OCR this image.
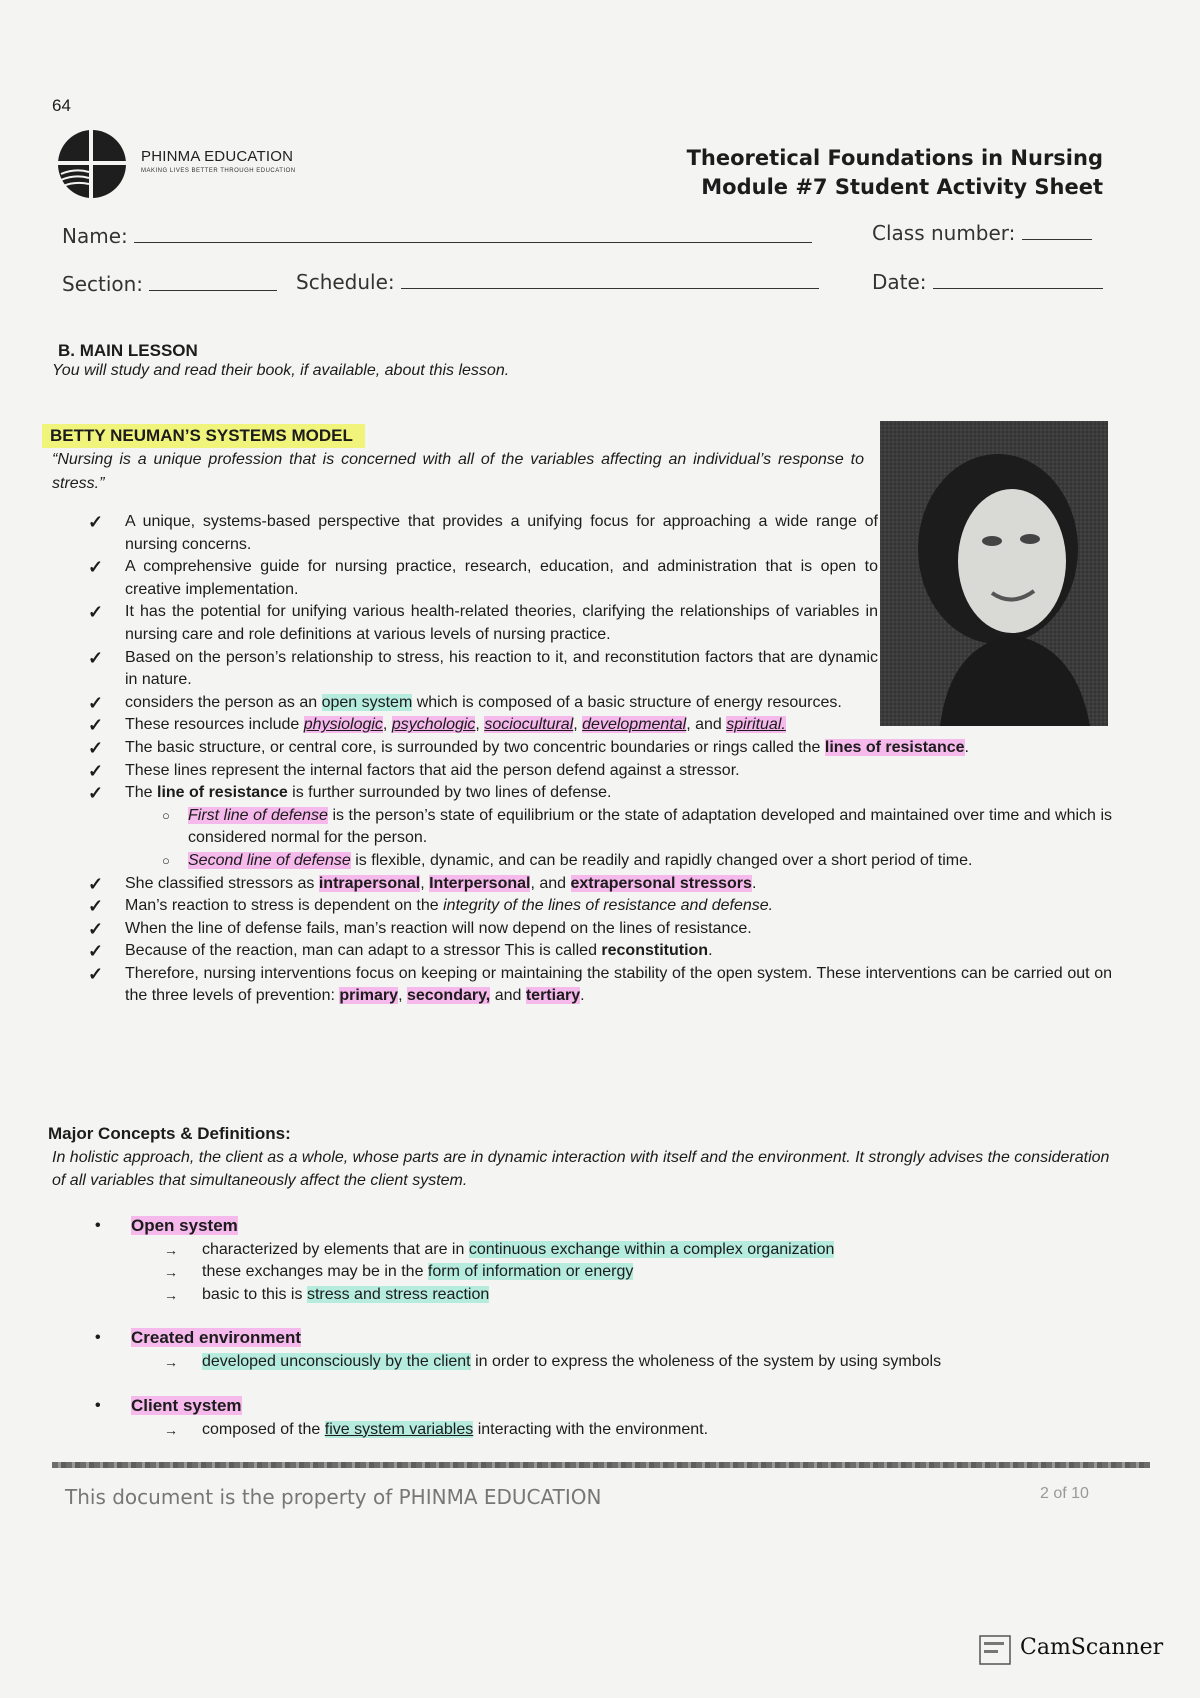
64
PHINMA EDUCATION
MAKING LIVES BETTER THROUGH EDUCATION
Theoretical Foundations in Nursing
Module #7 Student Activity Sheet
Name:	Class number:
Section:	Schedule:	Date:
B. MAIN LESSON
You will study and read their book, if available, about this lesson.
BETTY NEUMAN’S SYSTEMS MODEL
“Nursing is a unique profession that is concerned with all of the variables affecting an individual’s response to stress.”
✓ A unique, systems-based perspective that provides a unifying focus for approaching a wide range of nursing concerns.
✓ A comprehensive guide for nursing practice, research, education, and administration that is open to creative implementation.
✓ It has the potential for unifying various health-related theories, clarifying the relationships of variables in nursing care and role definitions at various levels of nursing practice.
✓ Based on the person’s relationship to stress, his reaction to it, and reconstitution factors that are dynamic in nature.
✓ considers the person as an open system which is composed of a basic structure of energy resources.
✓ These resources include physiologic, psychologic, sociocultural, developmental, and spiritual.
✓ The basic structure, or central core, is surrounded by two concentric boundaries or rings called the lines of resistance.
✓ These lines represent the internal factors that aid the person defend against a stressor.
✓ The line of resistance is further surrounded by two lines of defense.
○ First line of defense is the person’s state of equilibrium or the state of adaptation developed and maintained over time and which is considered normal for the person.
○ Second line of defense is flexible, dynamic, and can be readily and rapidly changed over a short period of time.
✓ She classified stressors as intrapersonal, Interpersonal, and extrapersonal stressors.
✓ Man’s reaction to stress is dependent on the integrity of the lines of resistance and defense.
✓ When the line of defense fails, man’s reaction will now depend on the lines of resistance.
✓ Because of the reaction, man can adapt to a stressor This is called reconstitution.
✓ Therefore, nursing interventions focus on keeping or maintaining the stability of the open system. These interventions can be carried out on the three levels of prevention: primary, secondary, and tertiary.
Major Concepts & Definitions:
In holistic approach, the client as a whole, whose parts are in dynamic interaction with itself and the environment. It strongly advises the consideration of all variables that simultaneously affect the client system.
• Open system
→ characterized by elements that are in continuous exchange within a complex organization
→ these exchanges may be in the form of information or energy
→ basic to this is stress and stress reaction
• Created environment
→ developed unconsciously by the client in order to express the wholeness of the system by using symbols
• Client system
→ composed of the five system variables interacting with the environment.
This document is the property of PHINMA EDUCATION	2 of 10
CamScanner
